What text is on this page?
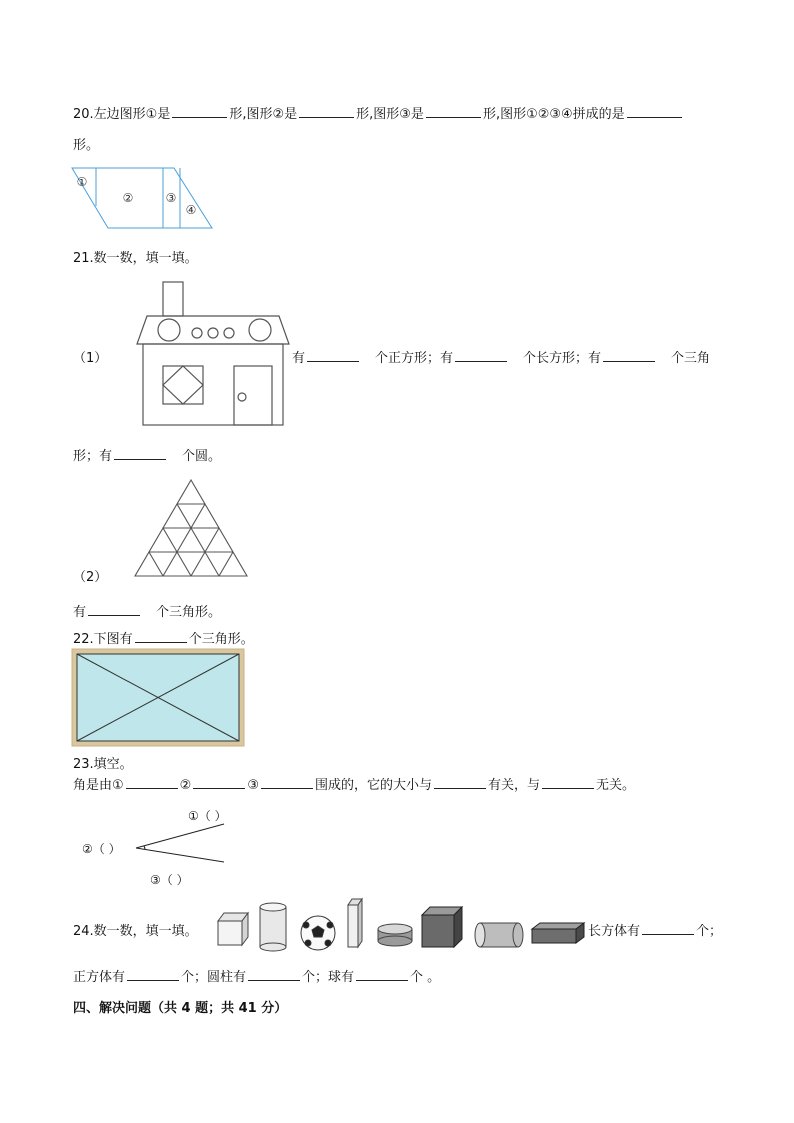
20.左边图形①是	形,图形②是	形,图形③是	形,图形①②③④拼成的是
形。
①
②	③
④
21.数一数，填一填。
（1）	有	个正方形；有	个长方形；有	个三角
形；有	个圆。
（2）
有	个三角形。
22.下图有	个三角形。
23.填空。
角是由①	②	③	围成的，它的大小与	有关，与	无关。
①（ ）
②（ ）
③（ ）
24.数一数，填一填。	长方体有	个；
正方体有	个；圆柱有	个；球有	个 。
四、解决问题（共 4 题；共 41 分）
